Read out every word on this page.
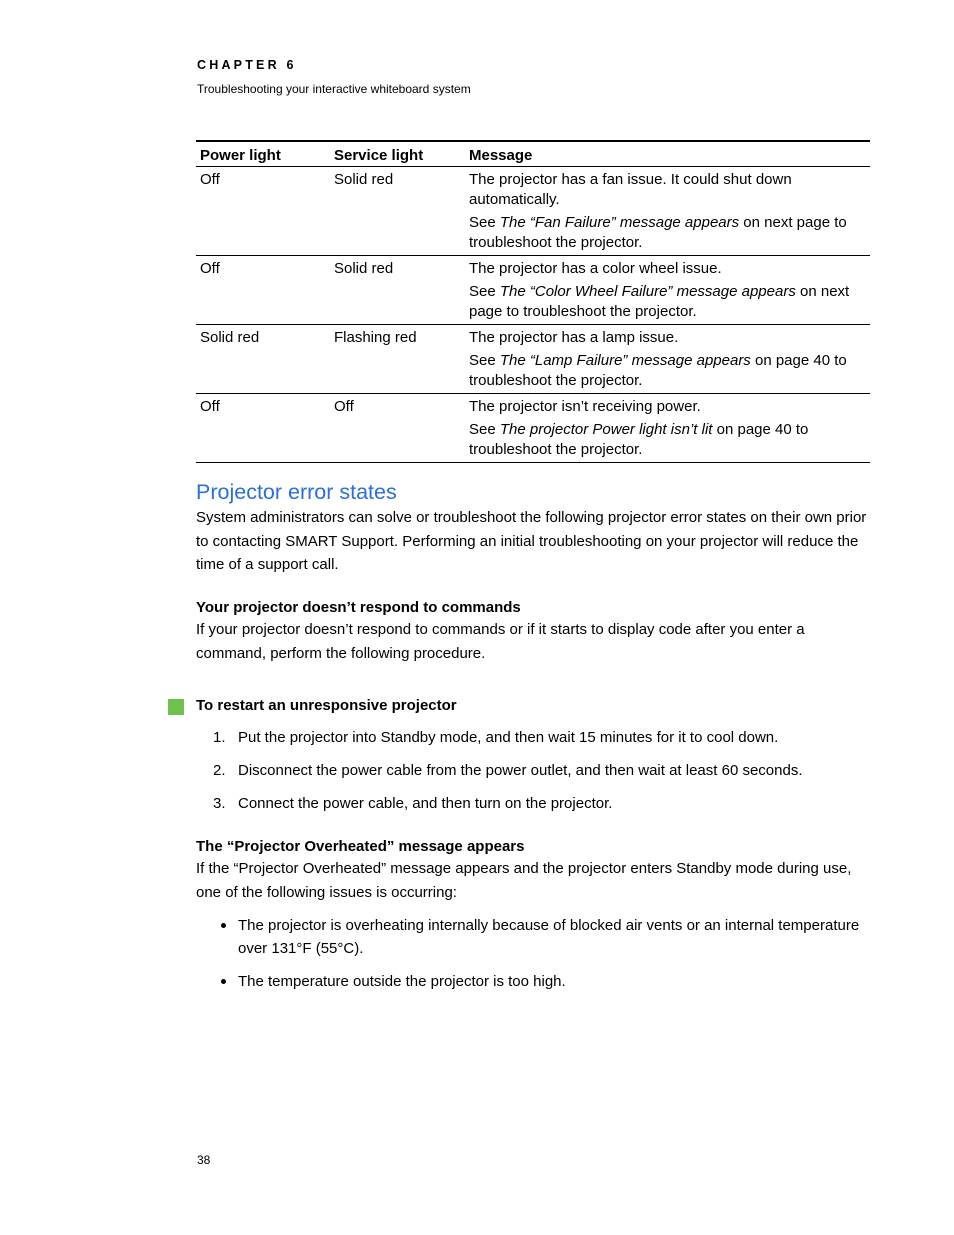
CHAPTER 6
Troubleshooting your interactive whiteboard system
Power light	Service light	Message
Off	Solid red	The projector has a fan issue. It could shut down automatically.
See The “Fan Failure” message appears on next page to troubleshoot the projector.

Off	Solid red	The projector has a color wheel issue.
See The “Color Wheel Failure” message appears on next page to troubleshoot the projector.

Solid red	Flashing red	The projector has a lamp issue.
See The “Lamp Failure” message appears on page 40 to troubleshoot the projector.

Off	Off	The projector isn’t receiving power.
See The projector Power light isn’t lit on page 40 to troubleshoot the projector.
Projector error states

System administrators can solve or troubleshoot the following projector error states on their own prior to contacting SMART Support. Performing an initial troubleshooting on your projector will reduce the time of a support call.

Your projector doesn’t respond to commands

If your projector doesn’t respond to commands or if it starts to display code after you enter a command, perform the following procedure.

To restart an unresponsive projector
1. Put the projector into Standby mode, and then wait 15 minutes for it to cool down.
2. Disconnect the power cable from the power outlet, and then wait at least 60 seconds.
3. Connect the power cable, and then turn on the projector.
The “Projector Overheated” message appears

If the “Projector Overheated” message appears and the projector enters Standby mode during use, one of the following issues is occurring:

The projector is overheating internally because of blocked air vents or an internal temperature over 131°F (55°C).
The temperature outside the projector is too high.
38
